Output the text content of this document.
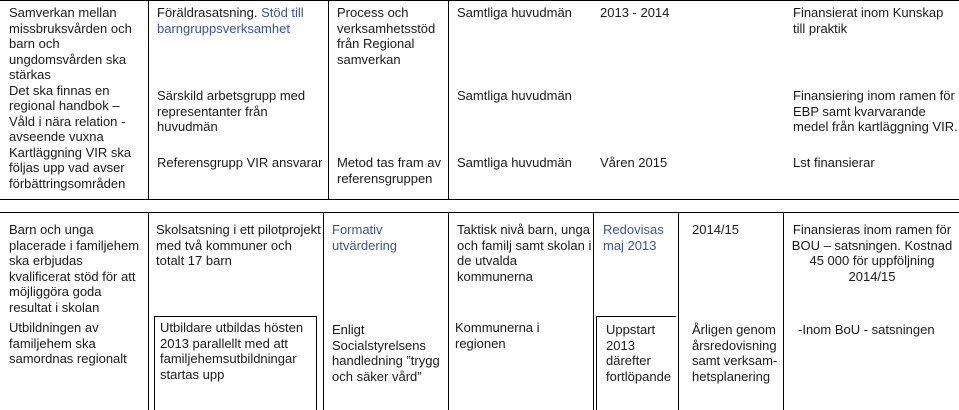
Samverkan mellan
missbruksvården och
barn och
ungdomsvården ska
stärkas
Det ska finnas en
regional handbok –
Våld i nära relation -
avseende vuxna
Kartläggning VIR ska
följas upp vad avser
förbättringsområden

Föräldrasatsning. Stöd till
barngruppsverksamhet

Särskild arbetsgrupp med
representanter från
huvudmän

Referensgrupp VIR ansvarar

Process och
verksamhetsstöd
från Regional
samverkan

Metod tas fram av
referensgruppen

Samtliga huvudmän

Samtliga huvudmän

Samtliga huvudmän

2013 - 2014

Våren 2015

Finansierat inom Kunskap
till praktik

Finansiering inom ramen för
EBP samt kvarvarande
medel från kartläggning VIR.

Lst finansierar

Barn och unga
placerade i familjehem
ska erbjudas
kvalificerat stöd för att
möjliggöra goda
resultat i skolan

Utbildningen av
familjehem ska
samordnas regionalt

Skolsatsning i ett pilotprojekt
med två kommuner och
totalt 17 barn

Utbildare utbildas hösten
2013 parallellt med att
familjehemsutbildningar
startas upp

Formativ
utvärdering

Enligt
Socialstyrelsens
handledning ”trygg
och säker vård”

Taktisk nivå barn, unga
och familj samt skolan i
de utvalda
kommunerna

Kommunerna i regionen

Redovisas
maj 2013

Uppstart
2013
därefter
fortlöpande

2014/15

Årligen genom
årsredovisning
samt verksam-
hetsplanering

Finansieras inom ramen för
BOU – satsningen. Kostnad
45 000 för uppföljning
2014/15

-Inom BoU - satsningen
